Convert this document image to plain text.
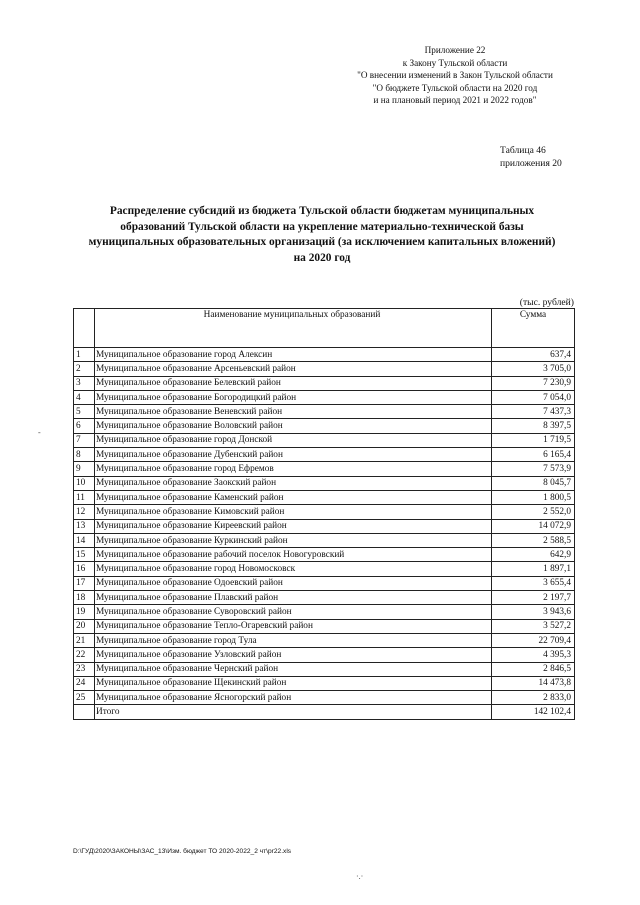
Приложение 22
к Закону Тульской области
"О внесении изменений в Закон Тульской области
"О бюджете Тульской области на 2020 год
и на плановый период 2021 и 2022 годов"
Таблица 46
приложения 20
Распределение субсидий из бюджета Тульской области бюджетам муниципальных образований Тульской области на укрепление материально-технической базы муниципальных образовательных организаций (за исключением капитальных вложений) на 2020 год
(тыс. рублей)
	Наименование муниципальных образований	Сумма
1	Муниципальное образование город Алексин	637,4
2	Муниципальное образование Арсеньевский район	3 705,0
3	Муниципальное образование Белевский район	7 230,9
4	Муниципальное образование Богородицкий район	7 054,0
5	Муниципальное образование Веневский район	7 437,3
6	Муниципальное образование Воловский район	8 397,5
7	Муниципальное образование город Донской	1 719,5
8	Муниципальное образование Дубенский район	6 165,4
9	Муниципальное образование город Ефремов	7 573,9
10	Муниципальное образование Заокский район	8 045,7
11	Муниципальное образование Каменский район	1 800,5
12	Муниципальное образование Кимовский район	2 552,0
13	Муниципальное образование Киреевский район	14 072,9
14	Муниципальное образование Куркинский район	2 588,5
15	Муниципальное образование рабочий поселок Новогуровский	642,9
16	Муниципальное образование город Новомосковск	1 897,1
17	Муниципальное образование Одоевский район	3 655,4
18	Муниципальное образование Плавский район	2 197,7
19	Муниципальное образование Суворовский район	3 943,6
20	Муниципальное образование Тепло-Огаревский район	3 527,2
21	Муниципальное образование город Тула	22 709,4
22	Муниципальное образование Узловский район	4 395,3
23	Муниципальное образование Чернский район	2 846,5
24	Муниципальное образование Щекинский район	14 473,8
25	Муниципальное образование Ясногорский район	2 833,0
	Итого	142 102,4
D:\ГУД\2020\ЗАКОНЫ\ЗАС_13\Изм. бюджет ТО 2020-2022_2 чт\pr22.xls
-
·.·
